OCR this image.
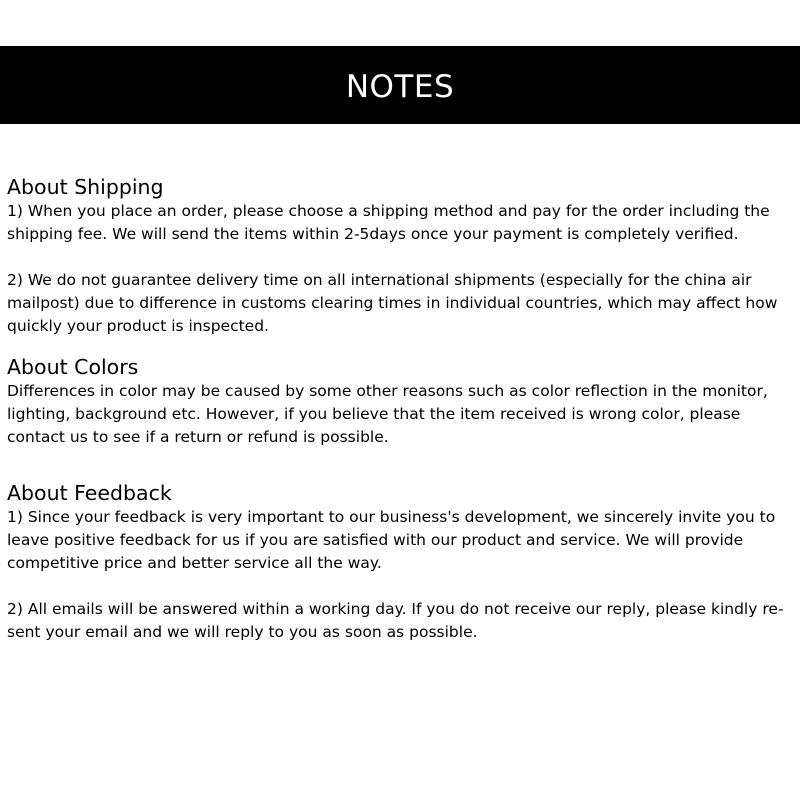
NOTES
About Shipping

1) When you place an order, please choose a shipping method and pay for the order including the shipping fee. We will send the items within 2-5days once your payment is completely verified.

2) We do not guarantee delivery time on all international shipments (especially for the china air mailpost) due to difference in customs clearing times in individual countries, which may affect how quickly your product is inspected.

About Colors

Differences in color may be caused by some other reasons such as color reflection in the monitor, lighting, background etc. However, if you believe that the item received is wrong color, please contact us to see if a return or refund is possible.

About Feedback

1) Since your feedback is very important to our business's development, we sincerely invite you to leave positive feedback for us if you are satisfied with our product and service. We will provide competitive price and better service all the way.

2) All emails will be answered within a working day. If you do not receive our reply, please kindly re-sent your email and we will reply to you as soon as possible.
